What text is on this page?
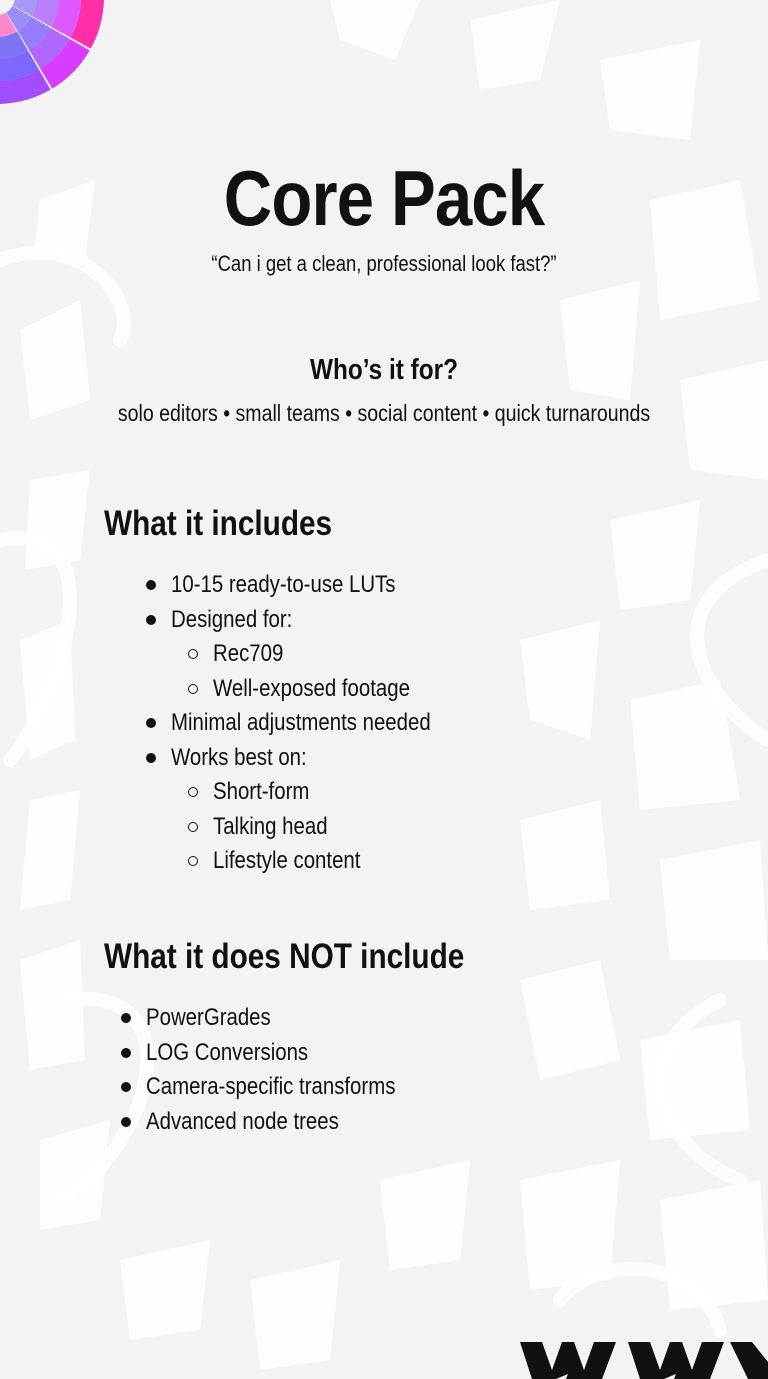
Core Pack
“Can i get a clean, professional look fast?”
Who’s it for?
solo editors • small teams • social content • quick turnarounds
What it includes
10-15 ready-to-use LUTs
Designed for:
Rec709
Well-exposed footage
Minimal adjustments needed
Works best on:
Short-form
Talking head
Lifestyle content
What it does NOT include
PowerGrades
LOG Conversions
Camera-specific transforms
Advanced node trees
